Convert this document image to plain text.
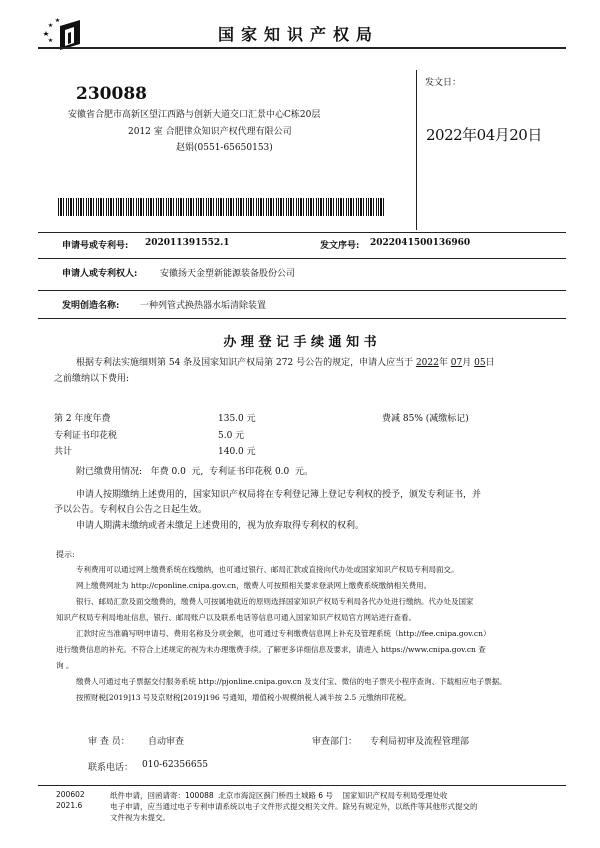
国家知识产权局
230088
安徽省合肥市高新区望江西路与创新大道交口汇景中心C栋20层
2012 室 合肥律众知识产权代理有限公司
赵娟(0551-65650153)
发文日：
2022年04月20日
申请号或专利号: 202011391552.1	发文序号: 2022041500136960
申请人或专利权人:	安徽扬天金塑新能源装备股份公司
发明创造名称: 一种列管式换热器水垢清除装置
办 理 登 记 手 续 通 知 书
根据专利法实施细则第 54 条及国家知识产权局第 272 号公告的规定，申请人应当于 2022年 07月 05日
之前缴纳以下费用:
第 2 年度年费	135.0 元	费减 85% (减缴标记)
专利证书印花税	5.0 元
共计	140.0 元
附已缴费用情况:   年费 0.0  元,  专利证书印花税 0.0  元。
申请人按期缴纳上述费用的，国家知识产权局将在专利登记簿上登记专利权的授予，颁发专利证书，并
予以公告。专利权自公告之日起生效。
申请人期满未缴纳或者未缴足上述费用的，视为放弃取得专利权的权利。
提示:
专利费用可以通过网上缴费系统在线缴纳，也可通过银行、邮局汇款或直接向代办处或国家知识产权局专利局面交。
网上缴费网址为 http://cponline.cnipa.gov.cn，缴费人可按照相关要求登录网上缴费系统缴纳相关费用。
银行、邮局汇款及面交缴费的，缴费人可按属地就近的原则选择国家知识产权局专利局各代办处进行缴纳。代办处及国家
知识产权局专利局地址信息，银行、邮局账户以及联系电话等信息可通入国家知识产权局官方网站进行查看。
汇款时应当准确写明申请号、费用名称及分项金额，也可通过专利缴费信息网上补充及管理系统（http://fee.cnipa.gov.cn）
进行缴费信息的补充。不符合上述规定的视为未办理缴费手续。了解更多详细信息及要求，请进入 https://www.cnipa.gov.cn 查
询 。
缴费人可通过电子票据交付服务系统 http://pjonline.cnipa.gov.cn 及支付宝、微信的电子票夹小程序查询、下载相应电子票据。
按照财税[2019]13 号及京财税[2019]196 号通知，增值税小规模纳税人减半按 2.5 元缴纳印花税。
审 查 员： 自动审查	审查部门： 专利局初审及流程管理部
联系电话： 010-62356655
200602
2021.6
纸件申请，回函请寄：100088  北京市海淀区蓟门桥西土城路 6 号    国家知识产权局专利局受理处收
电子申请，应当通过电子专利申请系统以电子文件形式提交相关文件。除另有规定外，以纸件等其他形式提交的
文件视为未提交。
